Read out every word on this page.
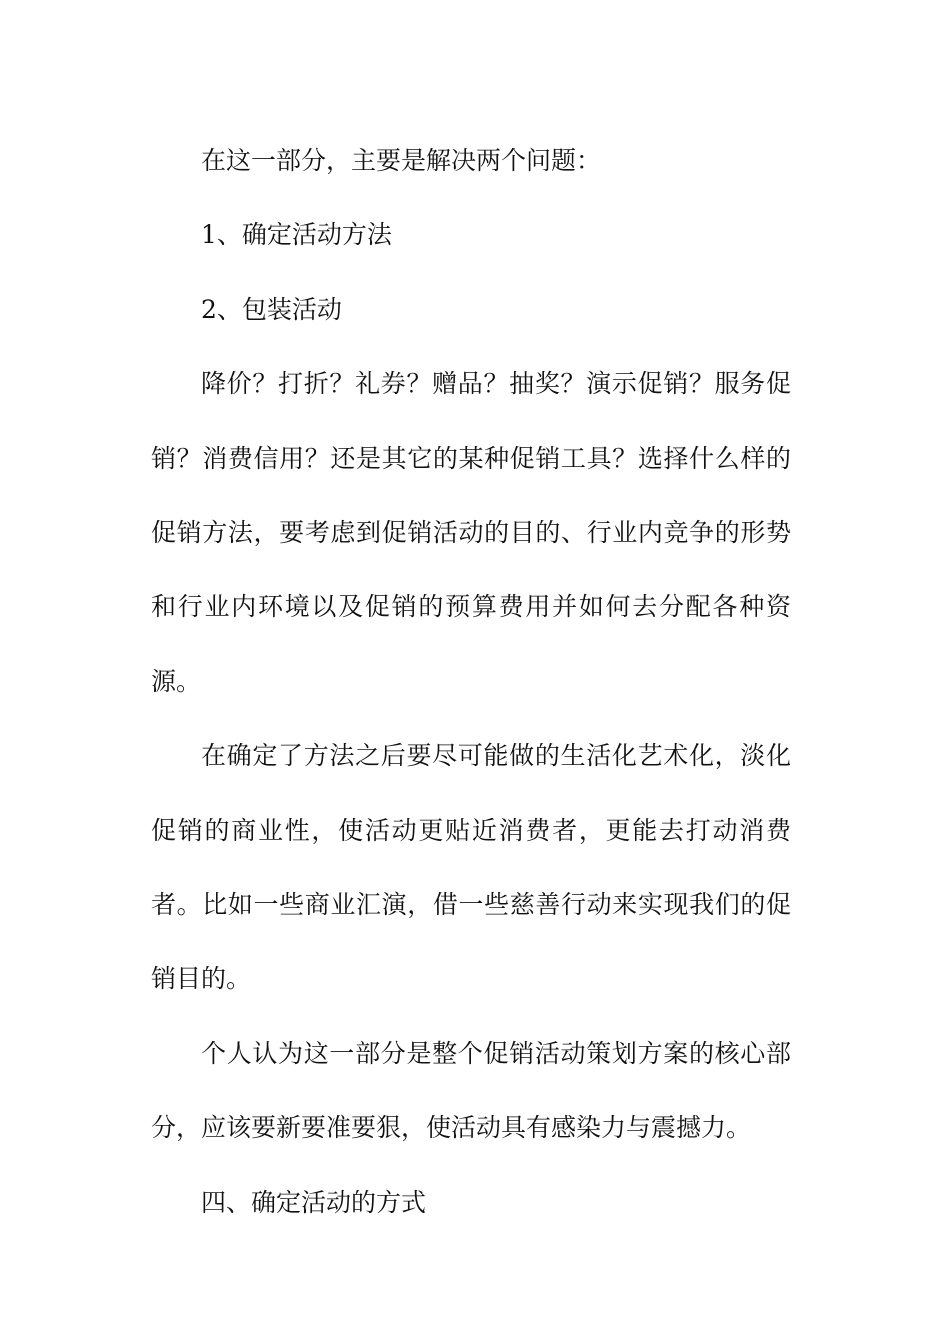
在这一部分，主要是解决两个问题：

1、确定活动方法

2、包装活动

降价？打折？礼券？赠品？抽奖？演示促销？服务促销？消费信用？还是其它的某种促销工具？选择什么样的促销方法，要考虑到促销活动的目的、行业内竞争的形势和行业内环境以及促销的预算费用并如何去分配各种资源。

在确定了方法之后要尽可能做的生活化艺术化，淡化促销的商业性，使活动更贴近消费者，更能去打动消费者。比如一些商业汇演，借一些慈善行动来实现我们的促销目的。

个人认为这一部分是整个促销活动策划方案的核心部分，应该要新要准要狠，使活动具有感染力与震撼力。

四、确定活动的方式
